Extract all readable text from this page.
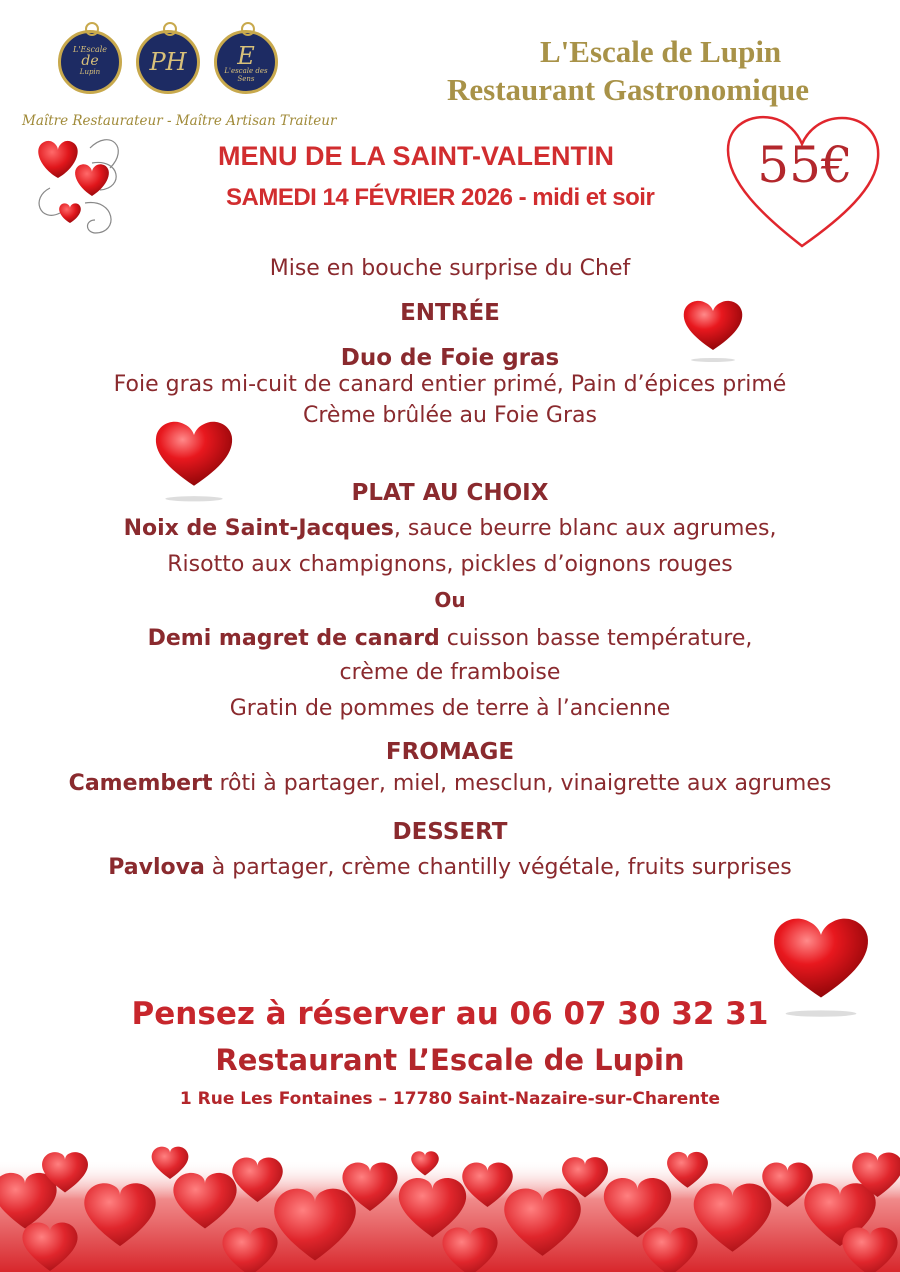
L'Escale
de
Lupin	PH	E
L'escale des Sens
Maître Restaurateur - Maître Artisan Traiteur
L'Escale de Lupin
Restaurant Gastronomique
MENU DE LA SAINT-VALENTIN
SAMEDI 14 FÉVRIER 2026 - midi et soir
55€
Mise en bouche surprise du Chef
ENTRÉE
Duo de Foie gras
Foie gras mi-cuit de canard entier primé, Pain d’épices primé
Crème brûlée au Foie Gras
PLAT AU CHOIX
Noix de Saint-Jacques, sauce beurre blanc aux agrumes,
Risotto aux champignons, pickles d’oignons rouges
Ou
Demi magret de canard cuisson basse température,
crème de framboise
Gratin de pommes de terre à l’ancienne
FROMAGE
Camembert rôti à partager, miel, mesclun, vinaigrette aux agrumes
DESSERT
Pavlova à partager, crème chantilly végétale, fruits surprises
Pensez à réserver au 06 07 30 32 31
Restaurant L’Escale de Lupin
1 Rue Les Fontaines – 17780 Saint-Nazaire-sur-Charente
